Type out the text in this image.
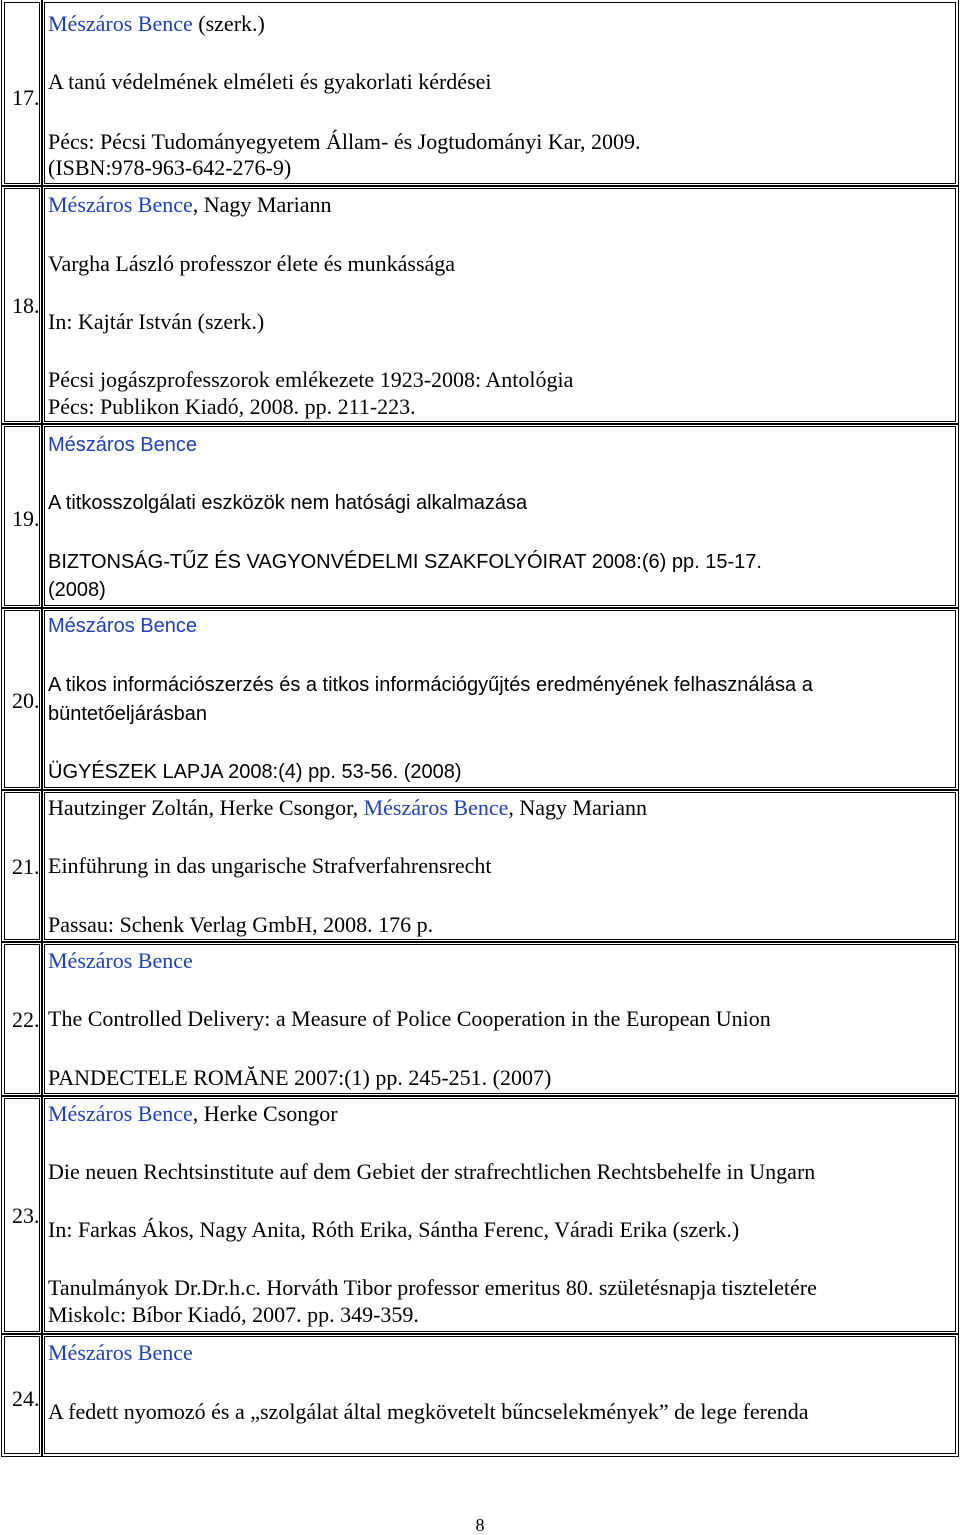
17.
Mészáros Bence (szerk.)
A tanú védelmének elméleti és gyakorlati kérdései
Pécs: Pécsi Tudományegyetem Állam- és Jogtudományi Kar, 2009.
(ISBN:978-963-642-276-9)
18.
Mészáros Bence, Nagy Mariann
Vargha László professzor élete és munkássága
In: Kajtár István (szerk.)
Pécsi jogászprofesszorok emlékezete 1923-2008: Antológia
Pécs: Publikon Kiadó, 2008. pp. 211-223.
19.
Mészáros Bence
A titkosszolgálati eszközök nem hatósági alkalmazása
BIZTONSÁG-TŰZ ÉS VAGYONVÉDELMI SZAKFOLYÓIRAT 2008:(6) pp. 15-17.
(2008)
20.
Mészáros Bence
A tikos információszerzés és a titkos információgyűjtés eredményének felhasználása a
büntetőeljárásban
ÜGYÉSZEK LAPJA 2008:(4) pp. 53-56. (2008)
21.
Hautzinger Zoltán, Herke Csongor, Mészáros Bence, Nagy Mariann
Einführung in das ungarische Strafverfahrensrecht
Passau: Schenk Verlag GmbH, 2008. 176 p.
22.
Mészáros Bence
The Controlled Delivery: a Measure of Police Cooperation in the European Union
PANDECTELE ROMĂNE 2007:(1) pp. 245-251. (2007)
23.
Mészáros Bence, Herke Csongor
Die neuen Rechtsinstitute auf dem Gebiet der strafrechtlichen Rechtsbehelfe in Ungarn
In: Farkas Ákos, Nagy Anita, Róth Erika, Sántha Ferenc, Váradi Erika (szerk.)
Tanulmányok Dr.Dr.h.c. Horváth Tibor professor emeritus 80. születésnapja tiszteletére
Miskolc: Bíbor Kiadó, 2007. pp. 349-359.
24.
Mészáros Bence
A fedett nyomozó és a „szolgálat által megkövetelt bűncselekmények” de lege ferenda
8
